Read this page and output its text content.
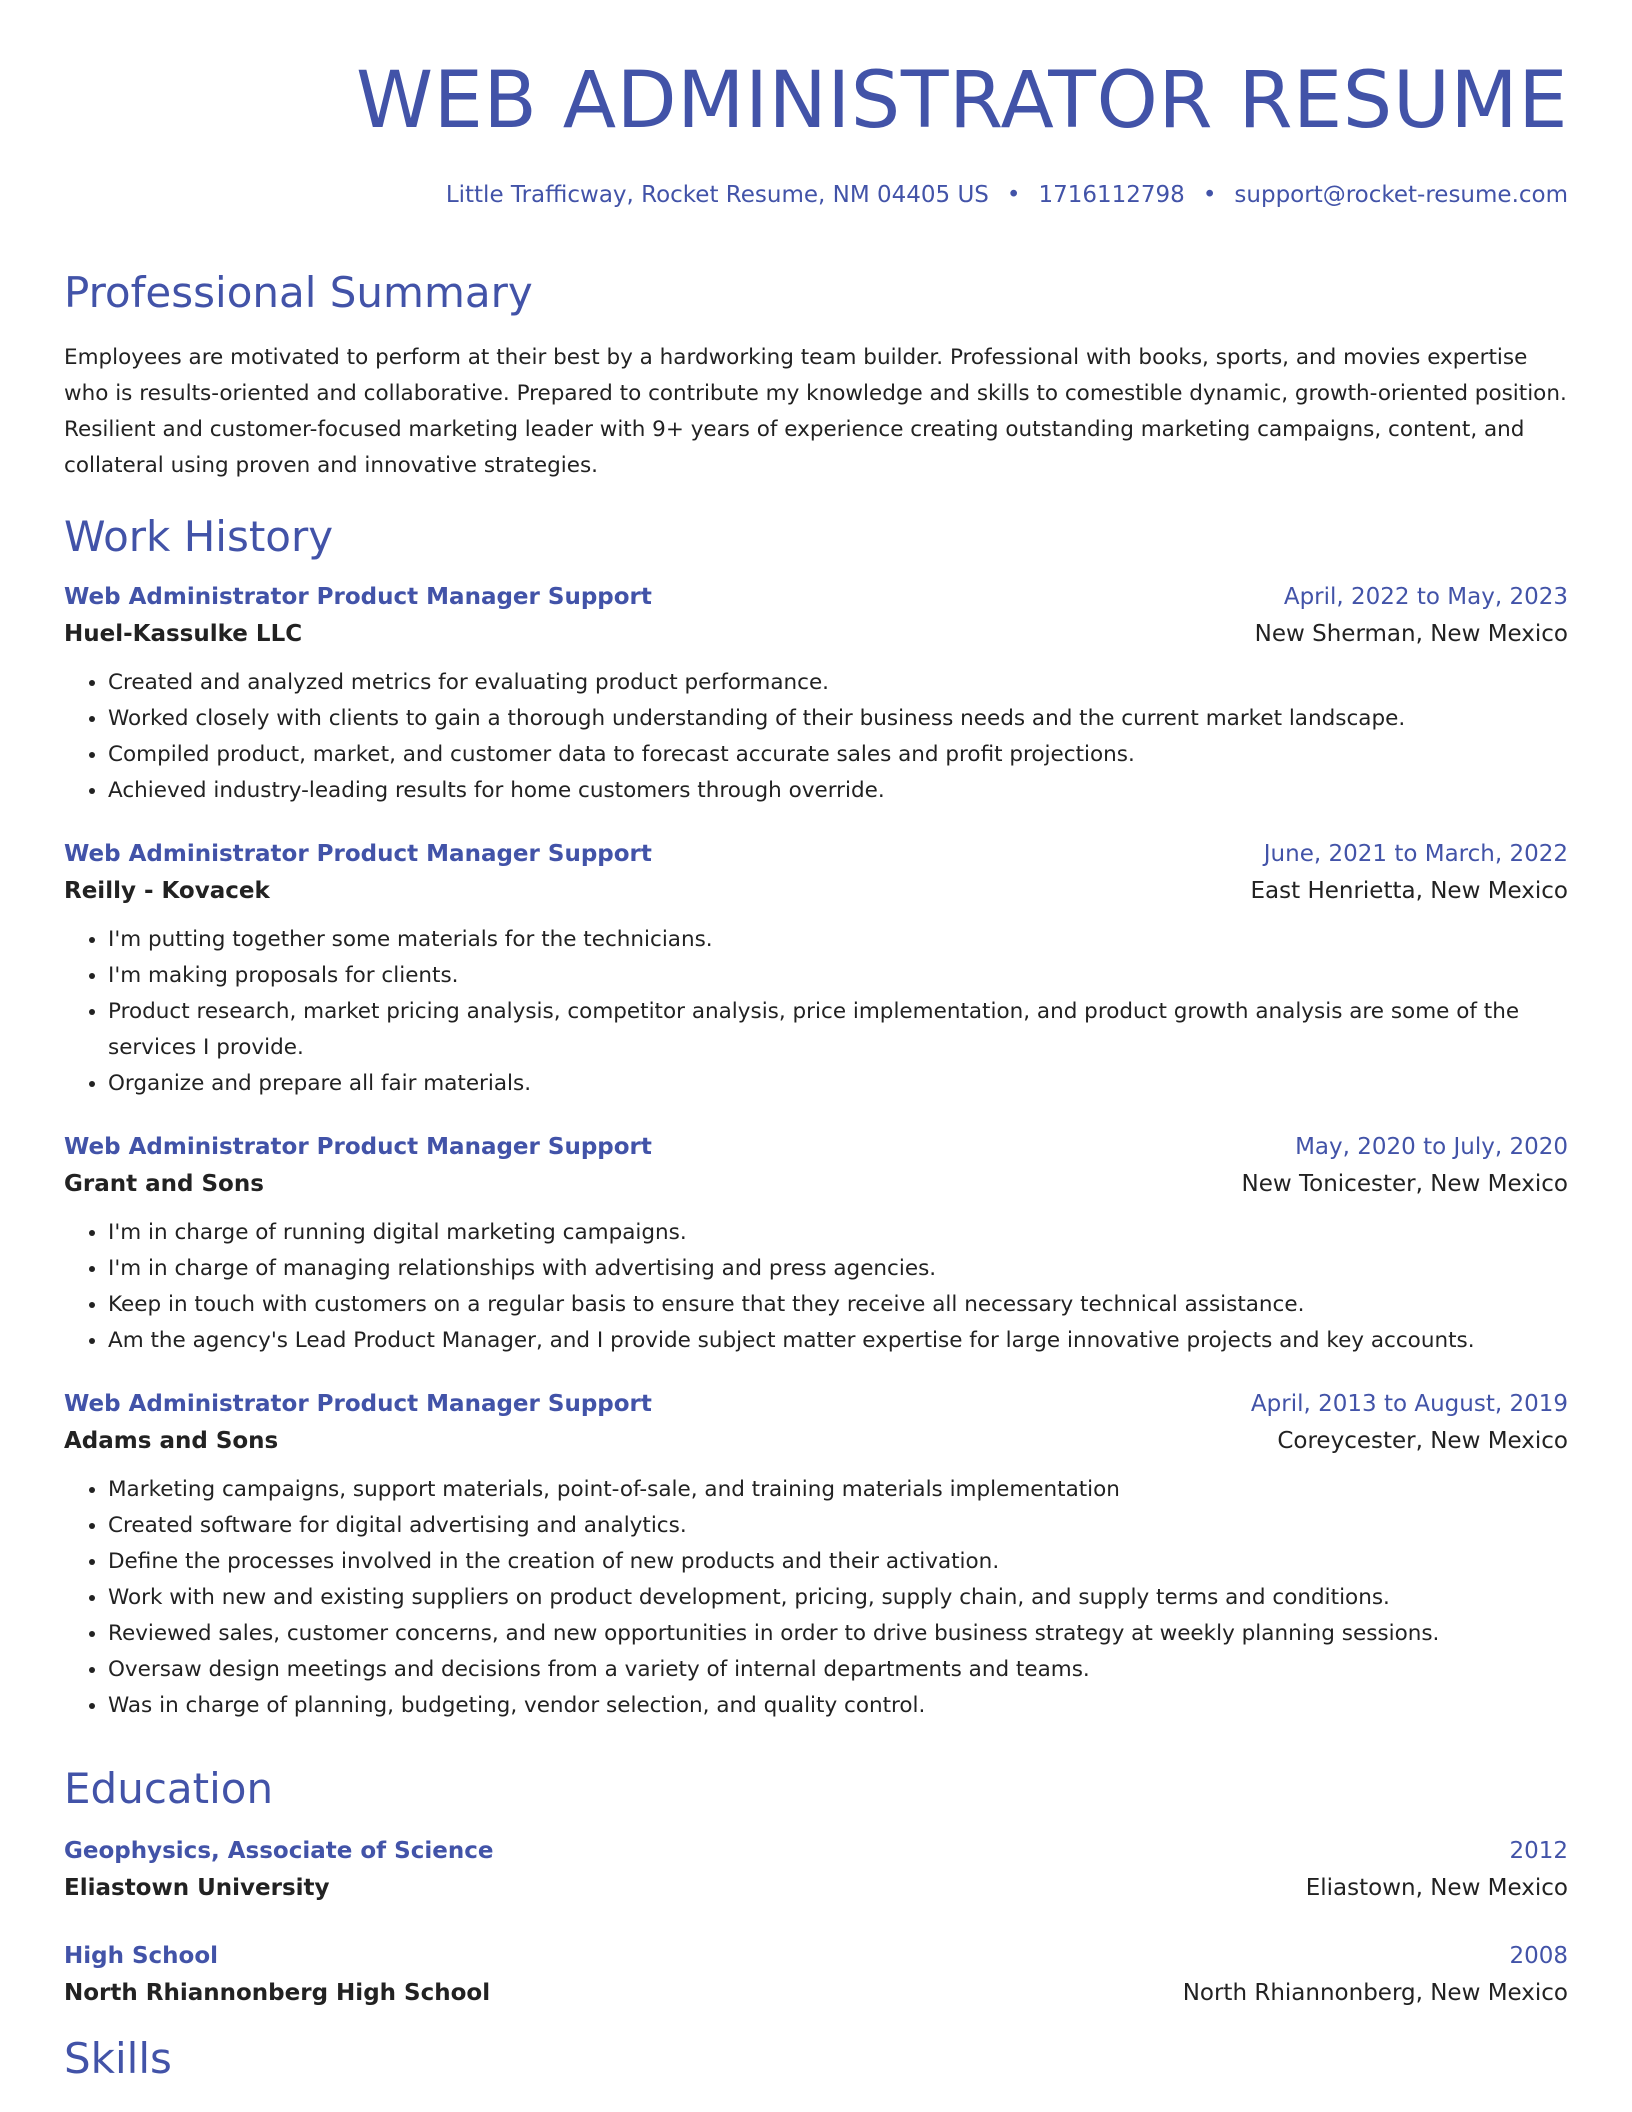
WEB ADMINISTRATOR RESUME
Little Trafficway, Rocket Resume, NM 04405 US • 1716112798 • support@rocket-resume.com
Professional Summary
Employees are motivated to perform at their best by a hardworking team builder. Professional with books, sports, and movies expertise who is results-oriented and collaborative. Prepared to contribute my knowledge and skills to comestible dynamic, growth-oriented position. Resilient and customer-focused marketing leader with 9+ years of experience creating outstanding marketing campaigns, content, and collateral using proven and innovative strategies.
Work History
Web Administrator Product Manager Support	April, 2022 to May, 2023
Huel-Kassulke LLC	New Sherman, New Mexico
• Created and analyzed metrics for evaluating product performance.
• Worked closely with clients to gain a thorough understanding of their business needs and the current market landscape.
• Compiled product, market, and customer data to forecast accurate sales and profit projections.
• Achieved industry-leading results for home customers through override.
Web Administrator Product Manager Support	June, 2021 to March, 2022
Reilly - Kovacek	East Henrietta, New Mexico
• I'm putting together some materials for the technicians.
• I'm making proposals for clients.
• Product research, market pricing analysis, competitor analysis, price implementation, and product growth analysis are some of the services I provide.
• Organize and prepare all fair materials.
Web Administrator Product Manager Support	May, 2020 to July, 2020
Grant and Sons	New Tonicester, New Mexico
• I'm in charge of running digital marketing campaigns.
• I'm in charge of managing relationships with advertising and press agencies.
• Keep in touch with customers on a regular basis to ensure that they receive all necessary technical assistance.
• Am the agency's Lead Product Manager, and I provide subject matter expertise for large innovative projects and key accounts.
Web Administrator Product Manager Support	April, 2013 to August, 2019
Adams and Sons	Coreycester, New Mexico
• Marketing campaigns, support materials, point-of-sale, and training materials implementation
• Created software for digital advertising and analytics.
• Define the processes involved in the creation of new products and their activation.
• Work with new and existing suppliers on product development, pricing, supply chain, and supply terms and conditions.
• Reviewed sales, customer concerns, and new opportunities in order to drive business strategy at weekly planning sessions.
• Oversaw design meetings and decisions from a variety of internal departments and teams.
• Was in charge of planning, budgeting, vendor selection, and quality control.
Education
Geophysics, Associate of Science	2012
Eliastown University	Eliastown, New Mexico
High School	2008
North Rhiannonberg High School	North Rhiannonberg, New Mexico
Skills
